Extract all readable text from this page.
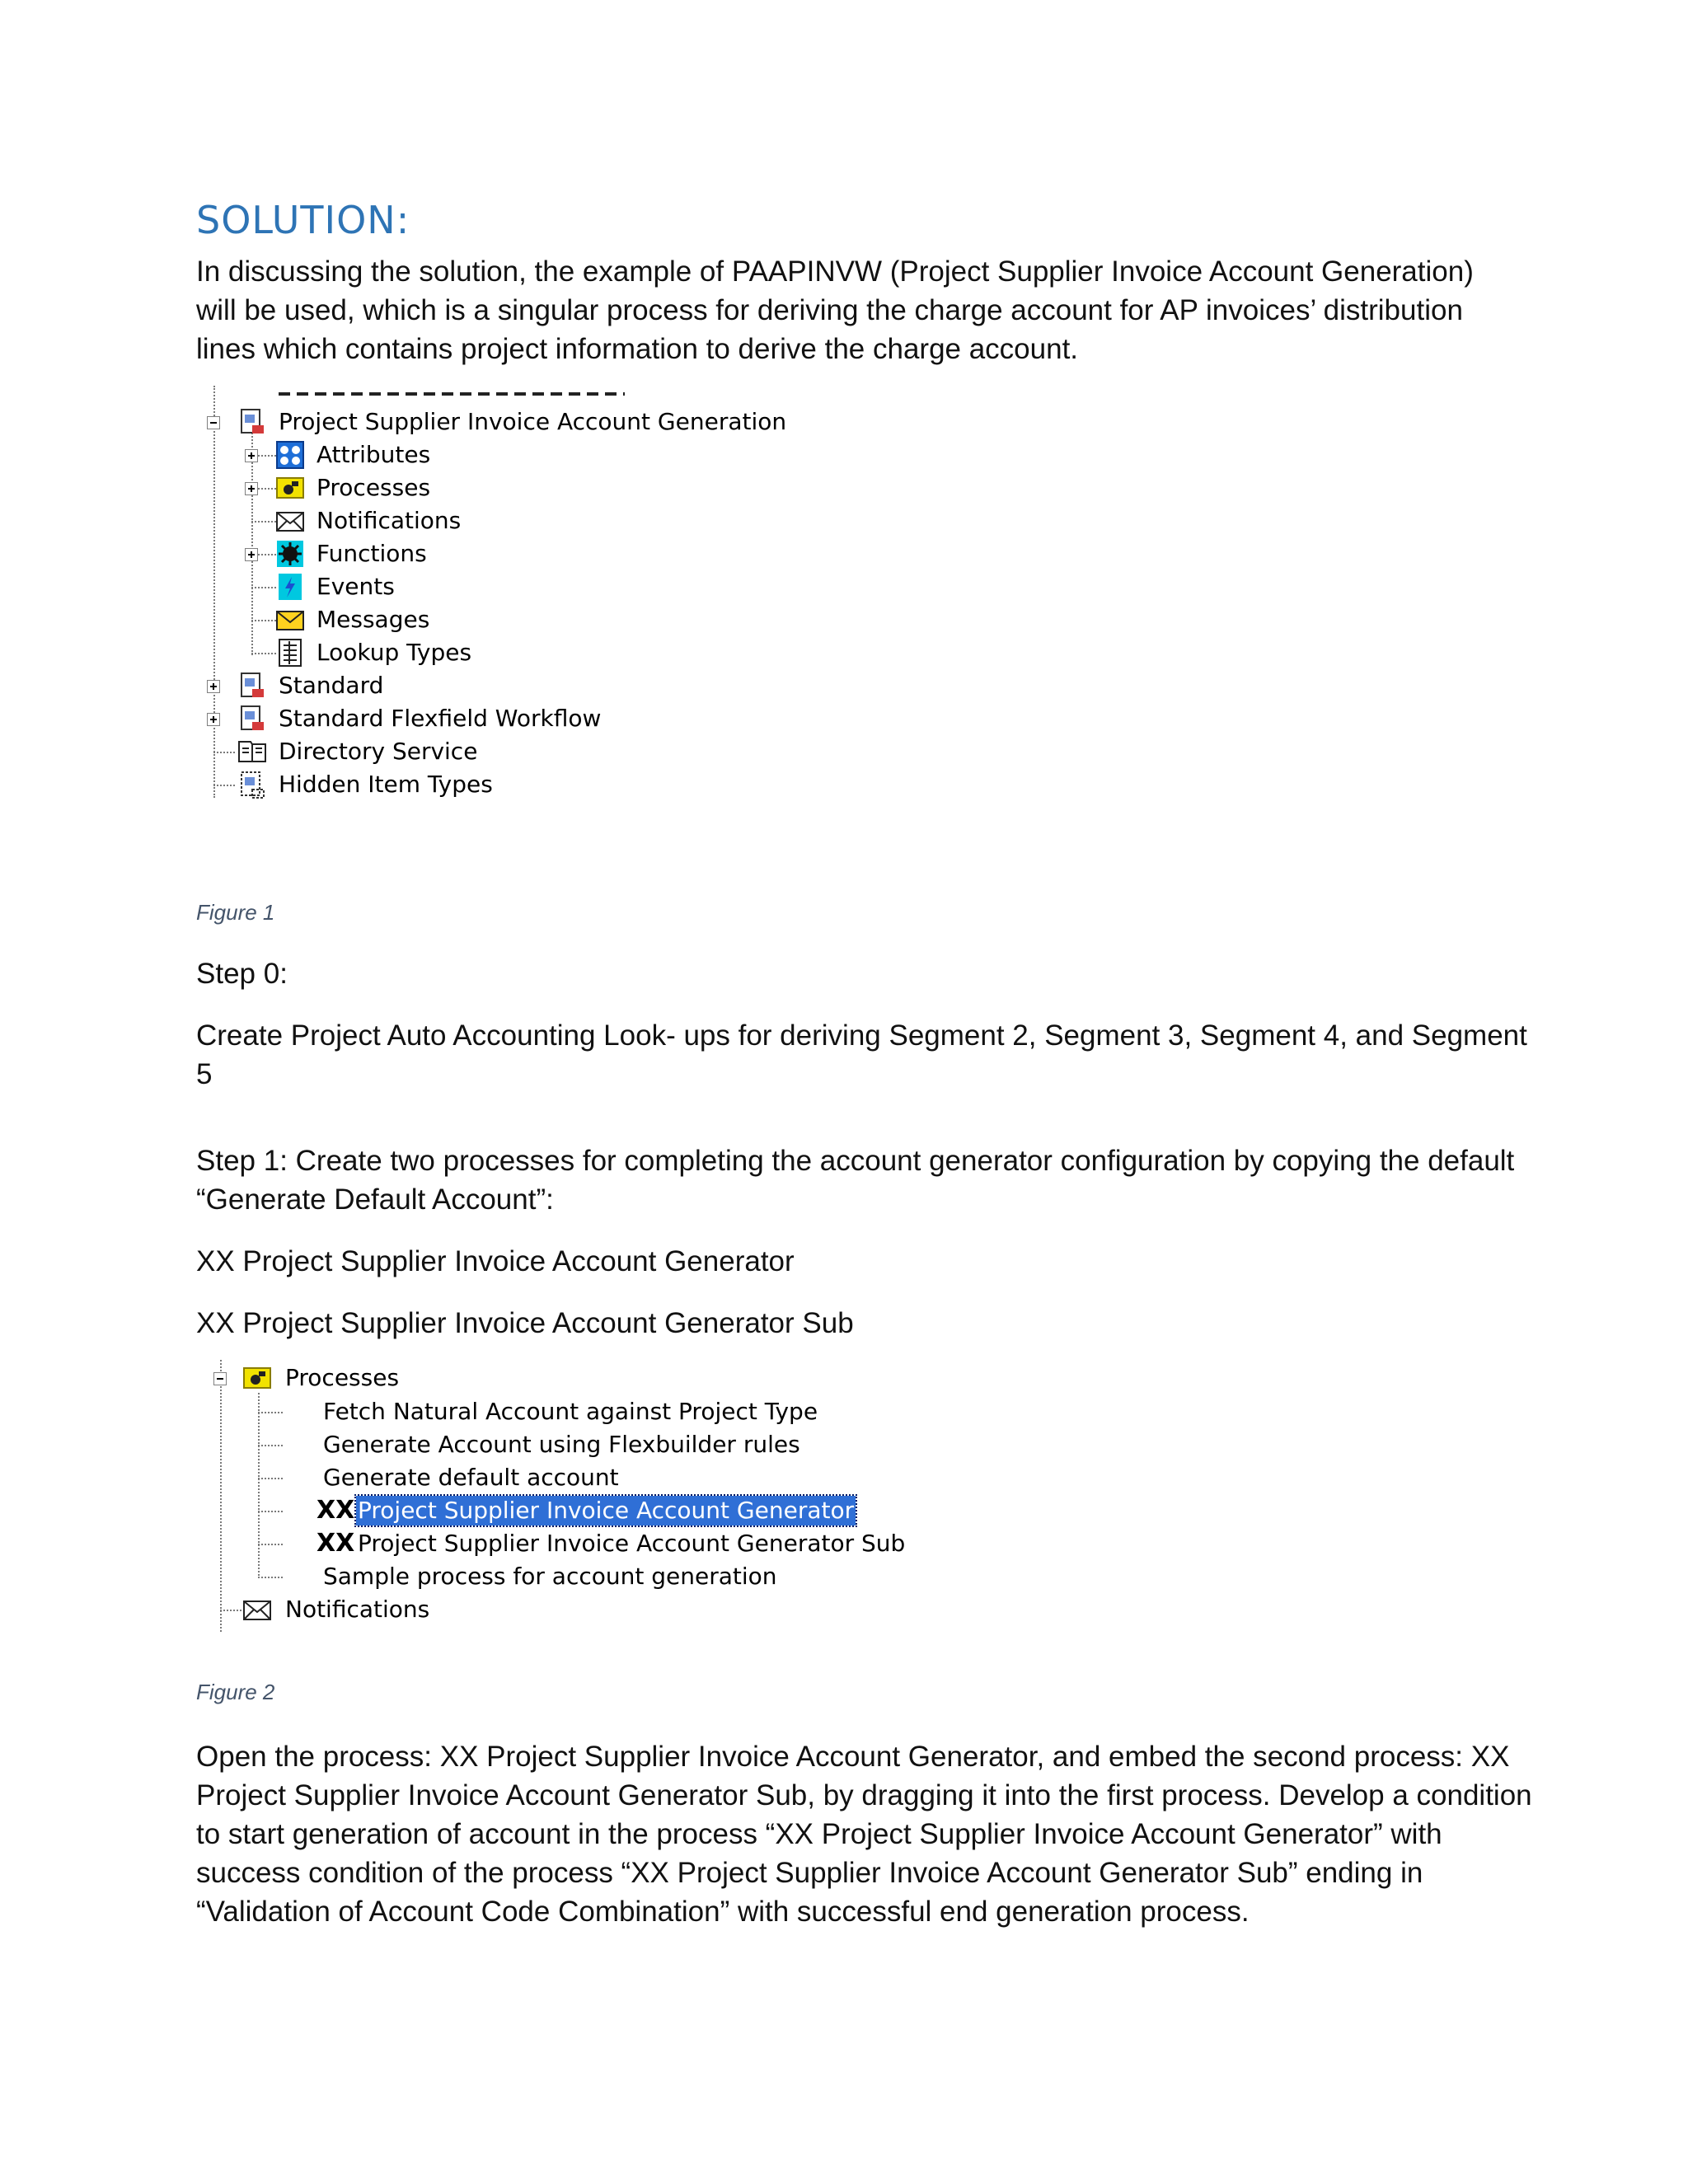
SOLUTION:
In discussing the solution, the example of PAAPINVW (Project Supplier Invoice Account Generation) will be used, which is a singular process for deriving the charge account for AP invoices’ distribution lines which contains project information to derive the charge account.
Project Supplier Invoice Account Generation
Attributes
Processes
Notifications
Functions
Events
Messages
Lookup Types
Standard
Standard Flexfield Workflow
Directory Service
Hidden Item Types
Figure 1
Step 0:
Create Project Auto Accounting Look- ups for deriving Segment 2, Segment 3, Segment 4, and Segment 5
Step 1: Create two processes for completing the account generator configuration by copying the default “Generate Default Account”:
XX Project Supplier Invoice Account Generator
XX Project Supplier Invoice Account Generator Sub
Processes
Fetch Natural Account against Project Type
Generate Account using Flexbuilder rules
Generate default account
XX Project Supplier Invoice Account Generator
XX Project Supplier Invoice Account Generator Sub
Sample process for account generation
Notifications
Figure 2
Open the process: XX Project Supplier Invoice Account Generator, and embed the second process: XX Project Supplier Invoice Account Generator Sub, by dragging it into the first process. Develop a condition to start generation of account in the process “XX Project Supplier Invoice Account Generator” with success condition of the process “XX Project Supplier Invoice Account Generator Sub” ending in “Validation of Account Code Combination” with successful end generation process.
